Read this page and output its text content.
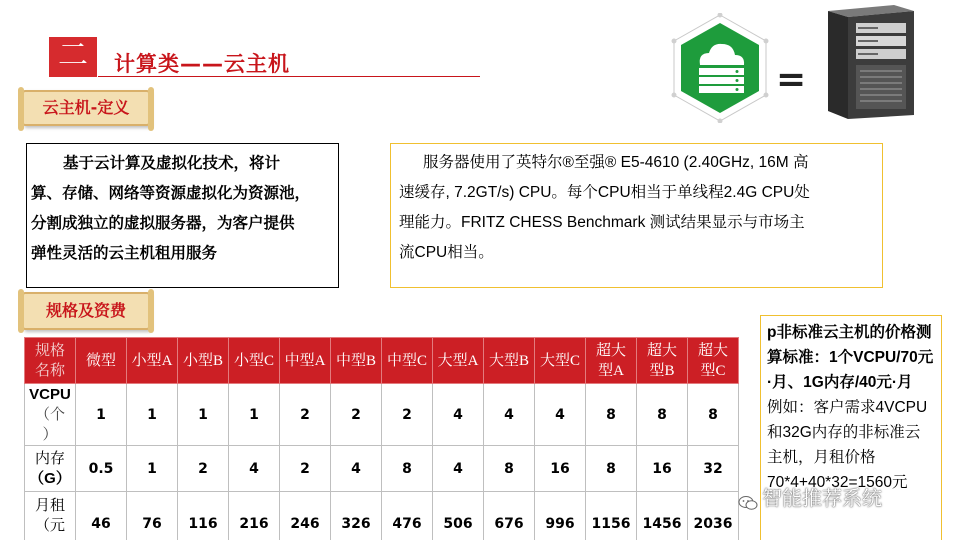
二	计算类——云主机
云主机-定义
基于云计算及虚拟化技术，将计
算、存储、网络等资源虚拟化为资源池，
分割成独立的虚拟服务器，为客户提供
弹性灵活的云主机租用服务
服务器使用了英特尔®至强® E5-4610 (2.40GHz, 16M 高
速缓存, 7.2GT/s) CPU。每个CPU相当于单线程2.4G CPU处
理能力。FRITZ CHESS Benchmark 测试结果显示与市场主
流CPU相当。
=
规格及资费
规格
名称	微型	小型A	小型B	小型C	中型A	中型B	中型C	大型A	大型B	大型C	超大
型A	超大
型B	超大
型C

VCPU
（个
）	1	1	1	1	2	2	2	4	4	4	8	8	8

内存
（G）	0.5	1	2	4	2	4	8	4	8	16	8	16	32

月租
（元	46	76	116	216	246	326	476	506	676	996	1156	1456	2036
p非标准云主机的价格测算标准：1个VCPU/70元·月、1G内存/40元·月
例如：客户需求4VCPU和32G内存的非标准云主机，月租价格
70*4+40*32=1560元
智能推荐系统
